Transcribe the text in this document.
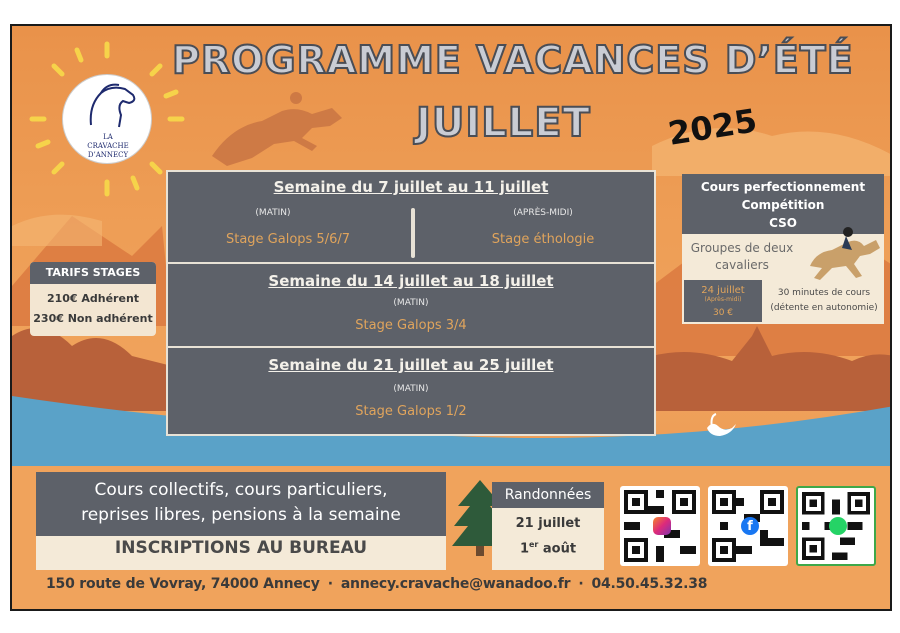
LA
CRAVACHE
D’ANNECY
PROGRAMME VACANCES D’ÉTÉ
JUILLET	2025
Semaine du 7 juillet au 11 juillet
(MATIN)
Stage Galops 5/6/7
(APRÈS-MIDI)
Stage éthologie
Semaine du 14 juillet au 18 juillet
(MATIN)
Stage Galops 3/4
Semaine du 21 juillet au 25 juillet
(MATIN)
Stage Galops 1/2
TARIFS STAGES
210€ Adhérent
230€ Non adhérent
Cours perfectionnement
Compétition
CSO
Groupes de deux cavaliers
24 juillet
(Après-midi)
30 €
30 minutes de cours (détente en autonomie)
Cours collectifs, cours particuliers,
reprises libres, pensions à la semaine
INSCRIPTIONS AU BUREAU
Randonnées
21 juillet
1er août
f
150 route de Vovray, 74000 Annecy · annecy.cravache@wanadoo.fr · 04.50.45.32.38
